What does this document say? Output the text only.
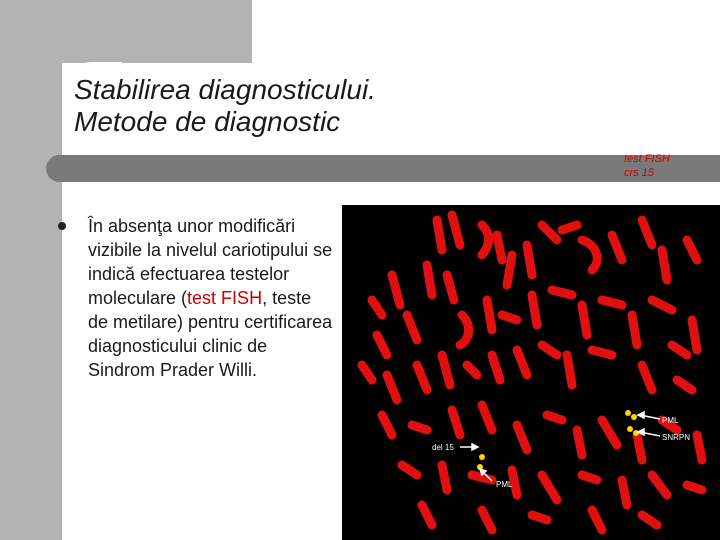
Stabilirea diagnosticului.
Metode de diagnostic
test FISH
crs 15
În absenţa unor modificări vizibile la nivelul cariotipului se indică efectuarea testelor moleculare (test FISH, teste de metilare) pentru certificarea diagnosticului clinic de Sindrom Prader Willi.
PML
SNRPN
del 15
PML
